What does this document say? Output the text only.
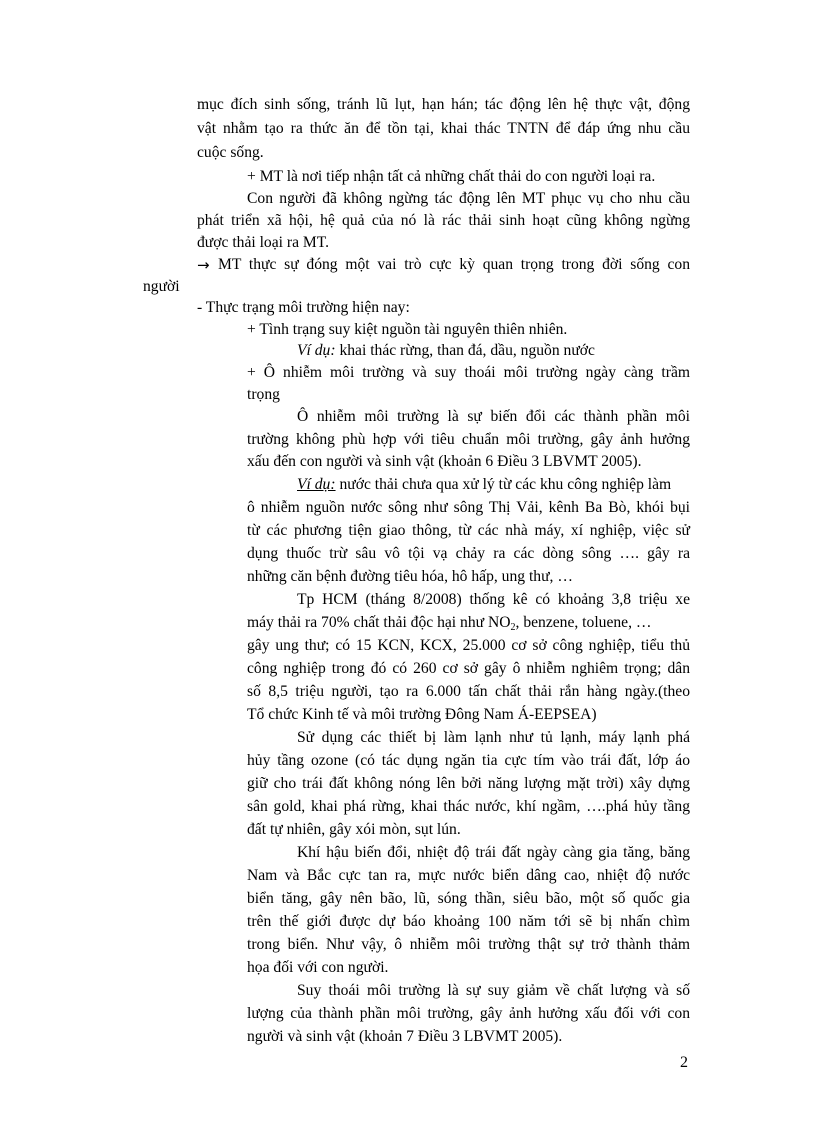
mục đích sinh sống, tránh lũ lụt, hạn hán; tác động lên hệ thực vật, động
vật nhằm tạo ra thức ăn để tồn tại, khai thác TNTN để đáp ứng nhu cầu
cuộc sống.
+ MT là nơi tiếp nhận tất cả những chất thải do con người loại ra.
Con người đã không ngừng tác động lên MT phục vụ cho nhu cầu
phát triển xã hội, hệ quả của nó là rác thải sinh hoạt cũng không ngừng
được thải loại ra MT.
→ MT thực sự đóng một vai trò cực kỳ quan trọng trong đời sống con
người
- Thực trạng môi trường hiện nay:
+ Tình trạng suy kiệt nguồn tài nguyên thiên nhiên.
Ví dụ: khai thác rừng, than đá, dầu, nguồn nước
+ Ô nhiễm môi trường và suy thoái môi trường ngày càng trầm
trọng
Ô nhiễm môi trường là sự biến đổi các thành phần môi
trường không phù hợp với tiêu chuẩn môi trường, gây ảnh hưởng
xấu đến con người và sinh vật (khoản 6 Điều 3 LBVMT 2005).
Ví dụ: nước thải chưa qua xử lý từ các khu công nghiệp làm
ô nhiễm nguồn nước sông như sông Thị Vải, kênh Ba Bò, khói bụi
từ các phương tiện giao thông, từ các nhà máy, xí nghiệp, việc sử
dụng thuốc trừ sâu vô tội vạ chảy ra các dòng sông …. gây ra
những căn bệnh đường tiêu hóa, hô hấp, ung thư, …
Tp HCM (tháng 8/2008) thống kê có khoảng 3,8 triệu xe
máy thải ra 70% chất thải độc hại như $NO_2$, benzene, toluene, …
gây ung thư; có 15 KCN, KCX, 25.000 cơ sở công nghiệp, tiểu thủ
công nghiệp trong đó có 260 cơ sở gây ô nhiễm nghiêm trọng; dân
số 8,5 triệu người, tạo ra 6.000 tấn chất thải rắn hàng ngày.(theo
Tổ chức Kinh tế và môi trường Đông Nam Á-EEPSEA)
Sử dụng các thiết bị làm lạnh như tủ lạnh, máy lạnh phá
hủy tầng ozone (có tác dụng ngăn tia cực tím vào trái đất, lớp áo
giữ cho trái đất không nóng lên bởi năng lượng mặt trời) xây dựng
sân gold, khai phá rừng, khai thác nước, khí ngầm, ….phá hủy tầng
đất tự nhiên, gây xói mòn, sụt lún.
Khí hậu biến đổi, nhiệt độ trái đất ngày càng gia tăng, băng
Nam và Bắc cực tan ra, mực nước biển dâng cao, nhiệt độ nước
biển tăng, gây nên bão, lũ, sóng thần, siêu bão, một số quốc gia
trên thế giới được dự báo khoảng 100 năm tới sẽ bị nhấn chìm
trong biển. Như vậy, ô nhiễm môi trường thật sự trở thành thảm
họa đối với con người.
Suy thoái môi trường là sự suy giảm về chất lượng và số
lượng của thành phần môi trường, gây ảnh hưởng xấu đối với con
người và sinh vật (khoản 7 Điều 3 LBVMT 2005).
2
